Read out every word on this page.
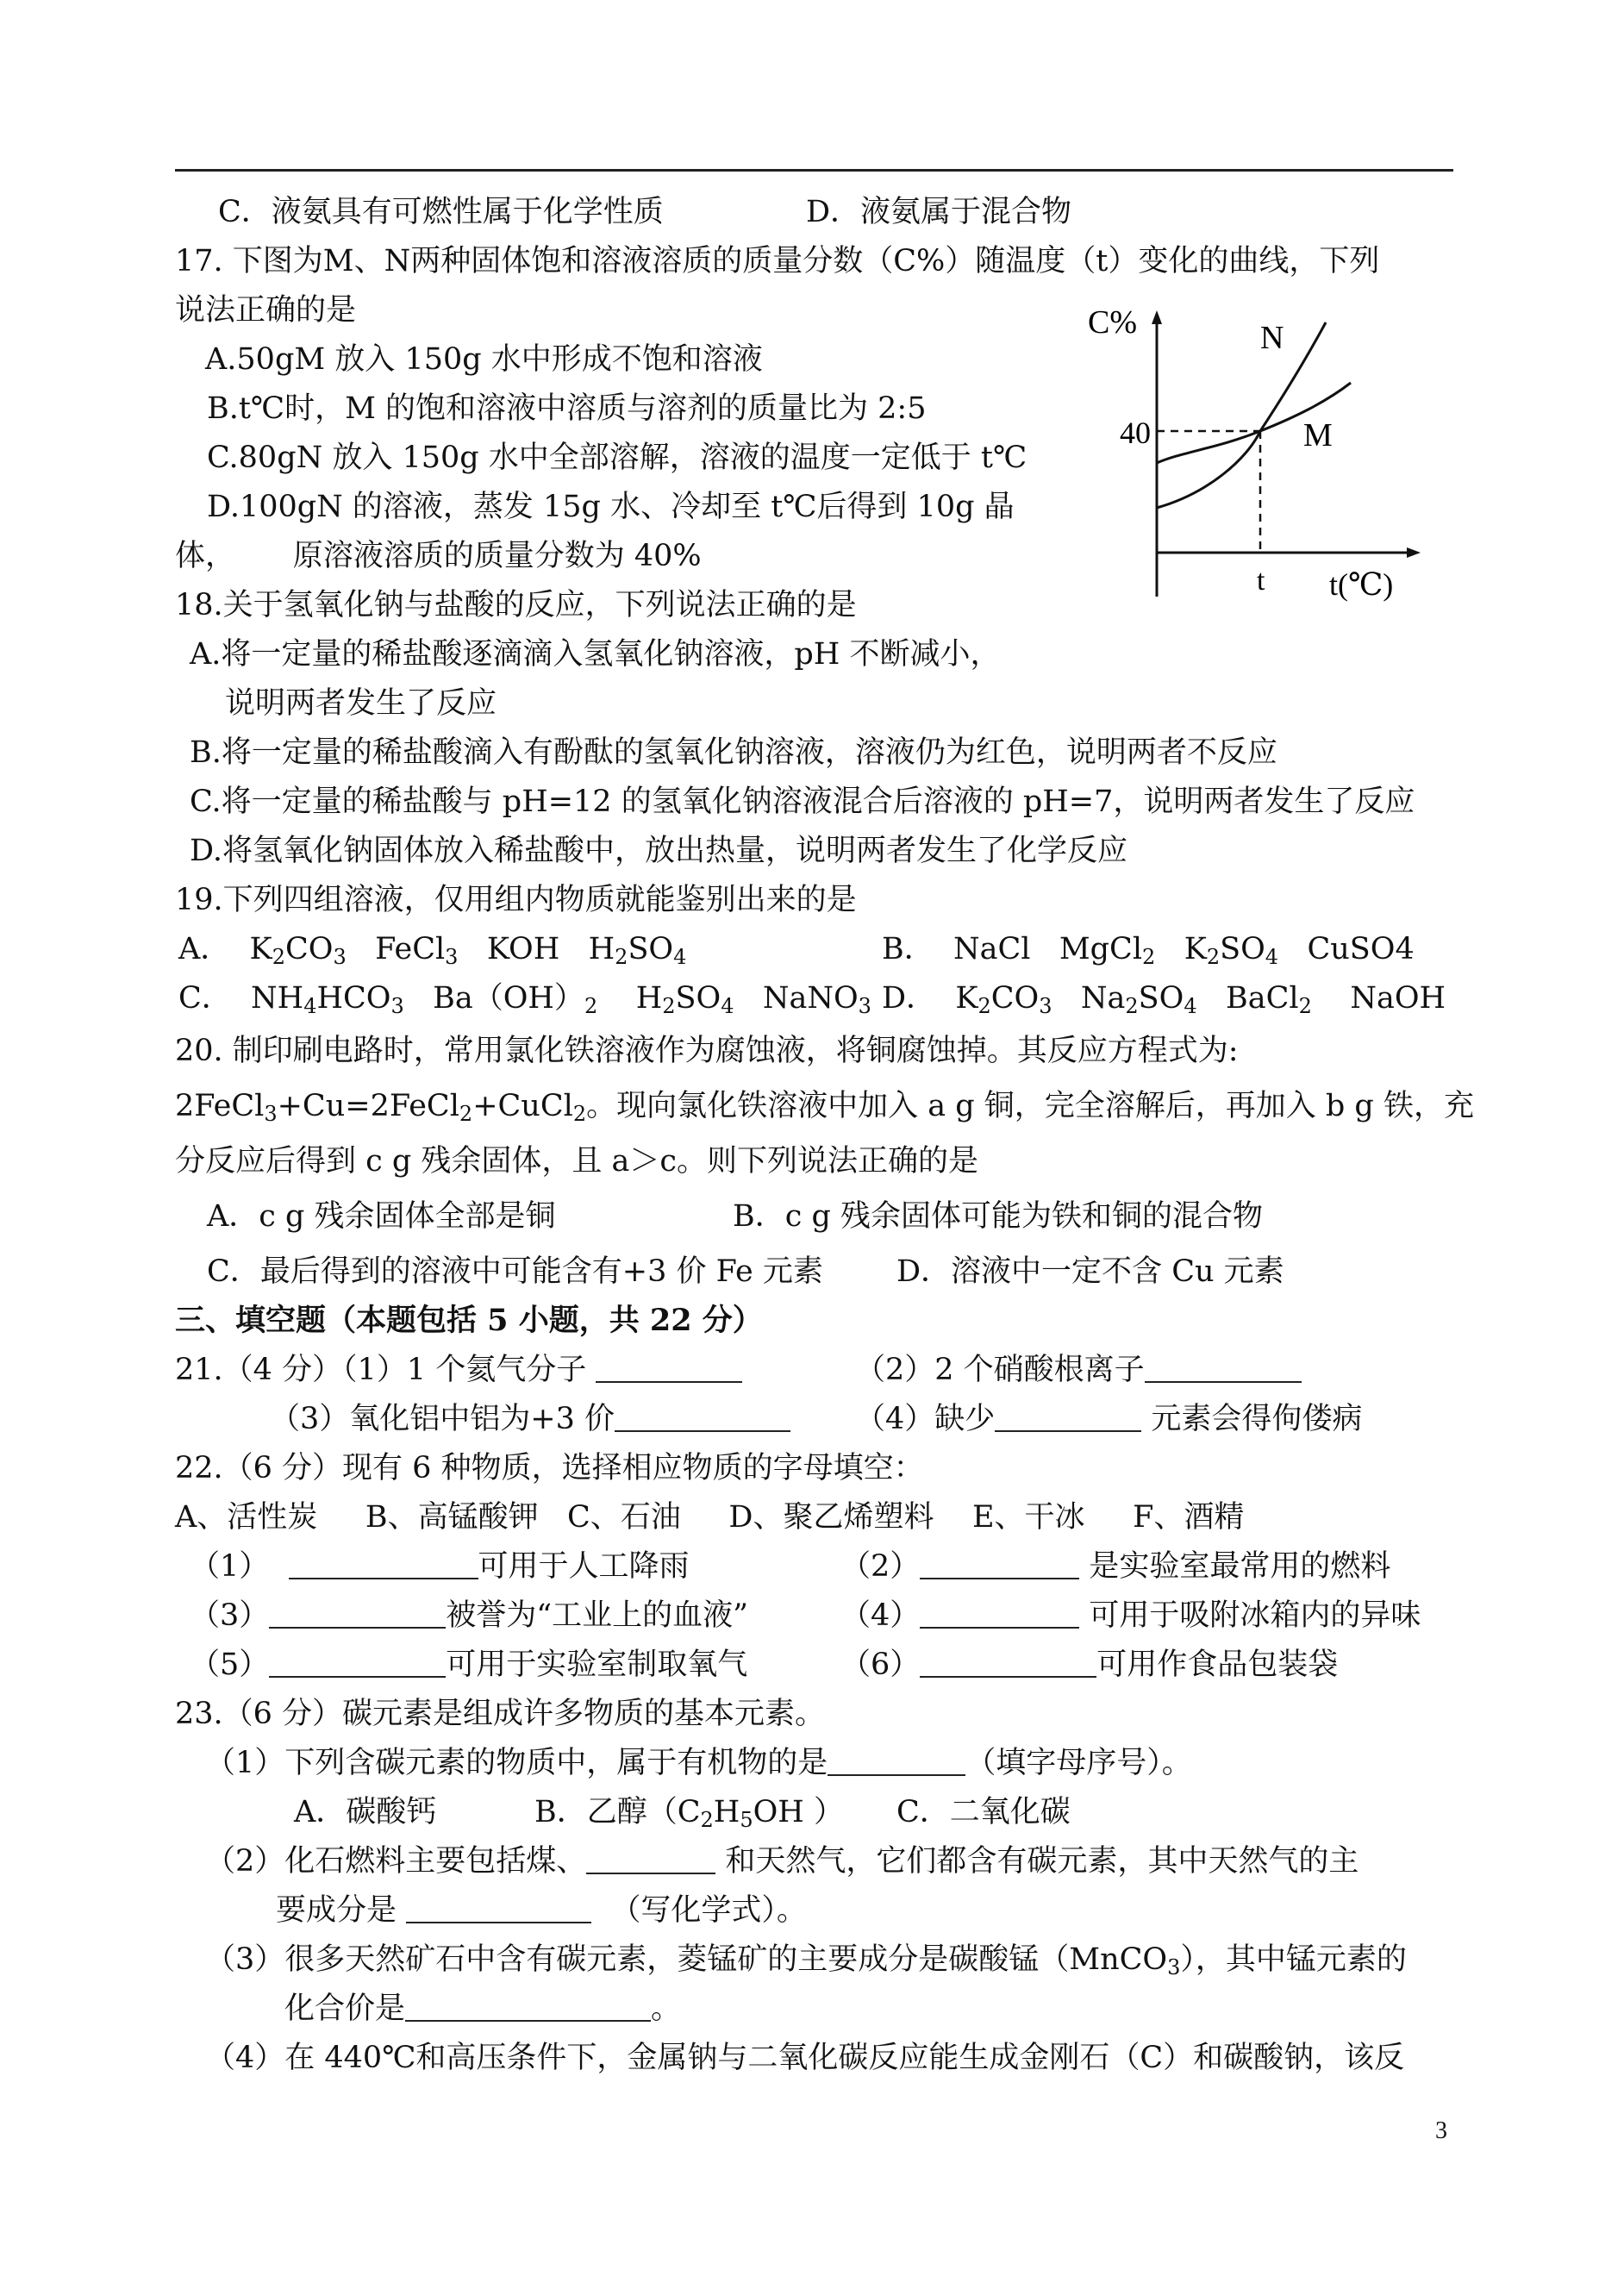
C．液氨具有可燃性属于化学性质	D．液氨属于混合物
17. 下图为M、N两种固体饱和溶液溶质的质量分数（C%）随温度（t）变化的曲线，下列
说法正确的是
A.50gM 放入 150g 水中形成不饱和溶液
B.t℃时，M 的饱和溶液中溶质与溶剂的质量比为 2:5
C.80gN 放入 150g 水中全部溶解，溶液的温度一定低于 t℃
D.100gN 的溶液，蒸发 15g 水、冷却至 t℃后得到 10g 晶
体，      原溶液溶质的质量分数为 40%
C%
t(℃)
40
t
N
M
18.关于氢氧化钠与盐酸的反应，下列说法正确的是
A.将一定量的稀盐酸逐滴滴入氢氧化钠溶液，pH 不断减小，
说明两者发生了反应
B.将一定量的稀盐酸滴入有酚酞的氢氧化钠溶液，溶液仍为红色，说明两者不反应
C.将一定量的稀盐酸与 pH=12 的氢氧化钠溶液混合后溶液的 pH=7，说明两者发生了反应
D.将氢氧化钠固体放入稀盐酸中，放出热量，说明两者发生了化学反应
19.下列四组溶液，仅用组内物质就能鉴别出来的是
A．  $K_2CO_3$   FeCl$_3$   KOH   $H_2SO_4$	B．  NaCl   MgCl$_2$   $K_2SO_4$   CuSO4
C．  $NH_4HCO_3$   $Ba(OH)_2$    $H_2SO_4$   NaNO$_3$ D．  $K_2CO_3$   $Na_2SO_4$   BaCl$_2$    NaOH
20. 制印刷电路时，常用氯化铁溶液作为腐蚀液，将铜腐蚀掉。其反应方程式为:
2FeCl$_3$+Cu=2FeCl$_2$+CuCl$_2$。现向氯化铁溶液中加入 a g 铜，完全溶解后，再加入 b g 铁，充
分反应后得到 c g 残余固体，且 a＞c。则下列说法正确的是
A．c g 残余固体全部是铜	B．c g 残余固体可能为铁和铜的混合物
C．最后得到的溶液中可能含有+3 价 Fe 元素 D．溶液中一定不含 Cu 元素
三、填空题（本题包括 5 小题，共 22 分）
21.（4 分）（1）1 个氦气分子	（2）2 个硝酸根离子
（3）氧化铝中铝为+3 价	（4）缺少	元素会得佝偻病
22.（6 分）现有 6 种物质，选择相应物质的字母填空：
A、活性炭     B、高锰酸钾   C、石油     D、聚乙烯塑料    E、干冰     F、酒精
（1）	可用于人工降雨	（2）	是实验室最常用的燃料
（3）	被誉为“工业上的血液”	（4）	可用于吸附冰箱内的异味
（5）	可用于实验室制取氧气	（6）	可用作食品包装袋
23.（6 分）碳元素是组成许多物质的基本元素。
（1）下列含碳元素的物质中，属于有机物的是	（填字母序号）。
A．碳酸钙	B．乙醇（$C_2H_5OH$ ） C．二氧化碳
（2）化石燃料主要包括煤、	和天然气，它们都含有碳元素，其中天然气的主
要成分是	（写化学式）。
（3）很多天然矿石中含有碳元素，菱锰矿的主要成分是碳酸锰（MnCO$_3$），其中锰元素的
化合价是	。
（4）在 440℃和高压条件下，金属钠与二氧化碳反应能生成金刚石（C）和碳酸钠，该反
3
